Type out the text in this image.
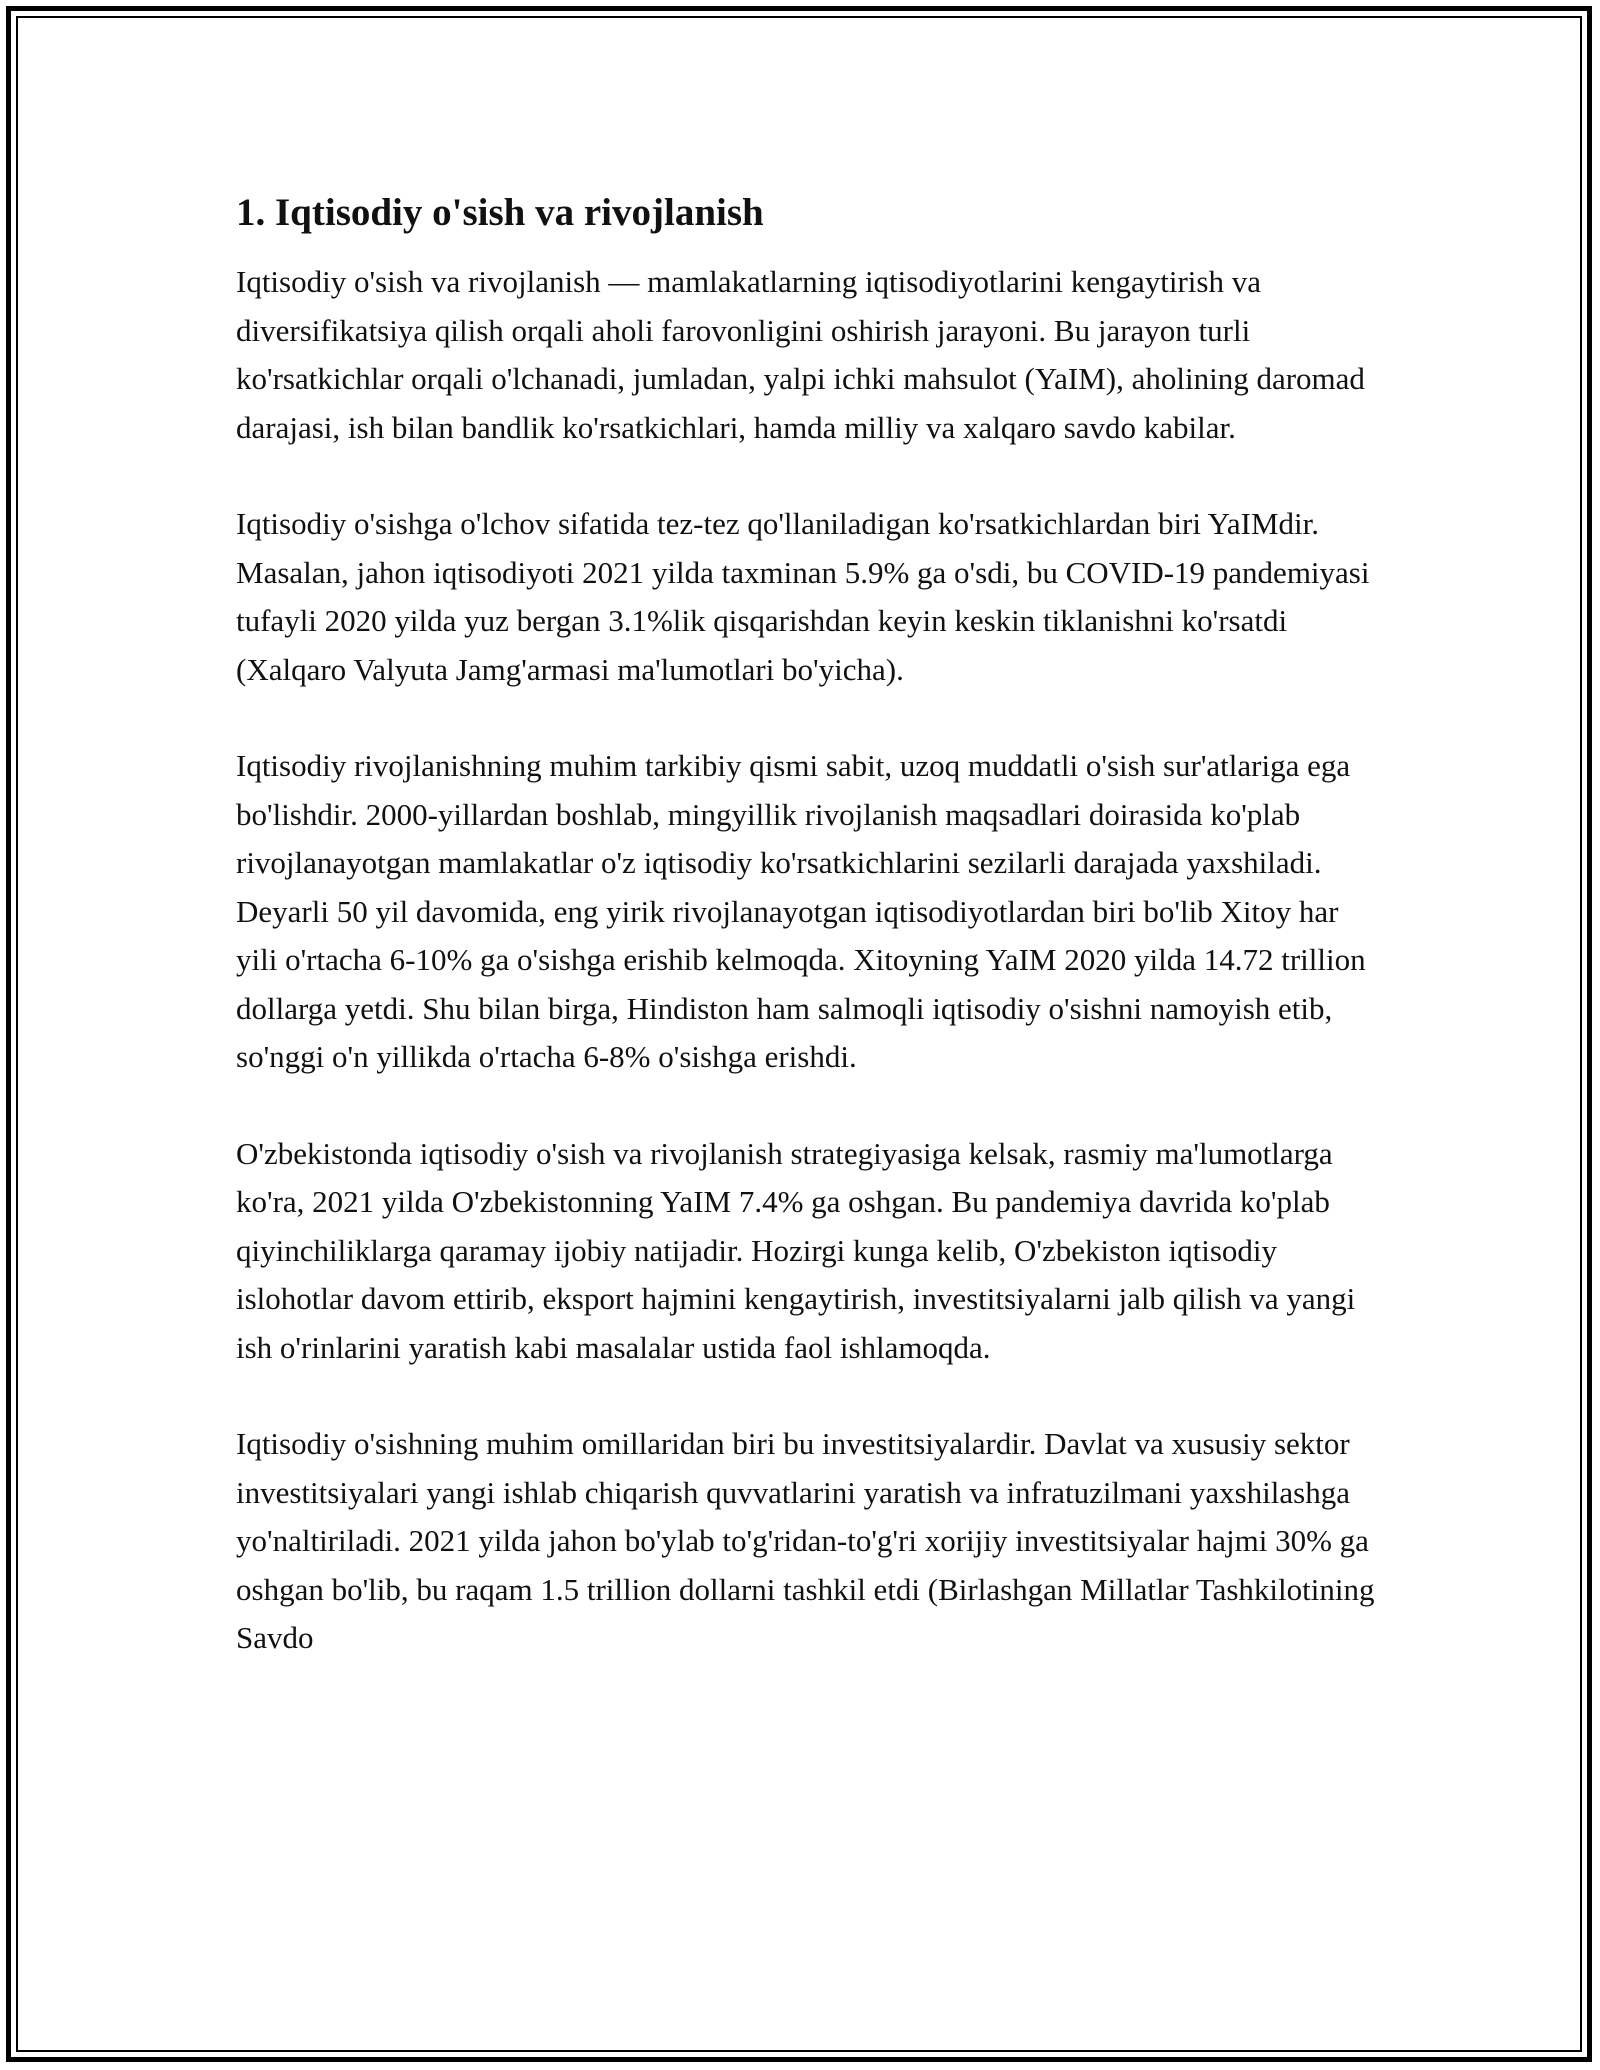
1. Iqtisodiy o'sish va rivojlanish

Iqtisodiy o'sish va rivojlanish — mamlakatlarning iqtisodiyotlarini kengaytirish va diversifikatsiya qilish orqali aholi farovonligini oshirish jarayoni. Bu jarayon turli ko'rsatkichlar orqali o'lchanadi, jumladan, yalpi ichki mahsulot (YaIM), aholining daromad darajasi, ish bilan bandlik ko'rsatkichlari, hamda milliy va xalqaro savdo kabilar.

Iqtisodiy o'sishga o'lchov sifatida tez-tez qo'llaniladigan ko'rsatkichlardan biri YaIMdir. Masalan, jahon iqtisodiyoti 2021 yilda taxminan 5.9% ga o'sdi, bu COVID-19 pandemiyasi tufayli 2020 yilda yuz bergan 3.1%lik qisqarishdan keyin keskin tiklanishni ko'rsatdi (Xalqaro Valyuta Jamg'armasi ma'lumotlari bo'yicha).

Iqtisodiy rivojlanishning muhim tarkibiy qismi sabit, uzoq muddatli o'sish sur'atlariga ega bo'lishdir. 2000-yillardan boshlab, mingyillik rivojlanish maqsadlari doirasida ko'plab rivojlanayotgan mamlakatlar o'z iqtisodiy ko'rsatkichlarini sezilarli darajada yaxshiladi. Deyarli 50 yil davomida, eng yirik rivojlanayotgan iqtisodiyotlardan biri bo'lib Xitoy har yili o'rtacha 6-10% ga o'sishga erishib kelmoqda. Xitoyning YaIM 2020 yilda 14.72 trillion dollarga yetdi. Shu bilan birga, Hindiston ham salmoqli iqtisodiy o'sishni namoyish etib, so'nggi o'n yillikda o'rtacha 6-8% o'sishga erishdi.

O'zbekistonda iqtisodiy o'sish va rivojlanish strategiyasiga kelsak, rasmiy ma'lumotlarga ko'ra, 2021 yilda O'zbekistonning YaIM 7.4% ga oshgan. Bu pandemiya davrida ko'plab qiyinchiliklarga qaramay ijobiy natijadir. Hozirgi kunga kelib, O'zbekiston iqtisodiy islohotlar davom ettirib, eksport hajmini kengaytirish, investitsiyalarni jalb qilish va yangi ish o'rinlarini yaratish kabi masalalar ustida faol ishlamoqda.

Iqtisodiy o'sishning muhim omillaridan biri bu investitsiyalardir. Davlat va xususiy sektor investitsiyalari yangi ishlab chiqarish quvvatlarini yaratish va infratuzilmani yaxshilashga yo'naltiriladi. 2021 yilda jahon bo'ylab to'g'ridan-to'g'ri xorijiy investitsiyalar hajmi 30% ga oshgan bo'lib, bu raqam 1.5 trillion dollarni tashkil etdi (Birlashgan Millatlar Tashkilotining Savdo
